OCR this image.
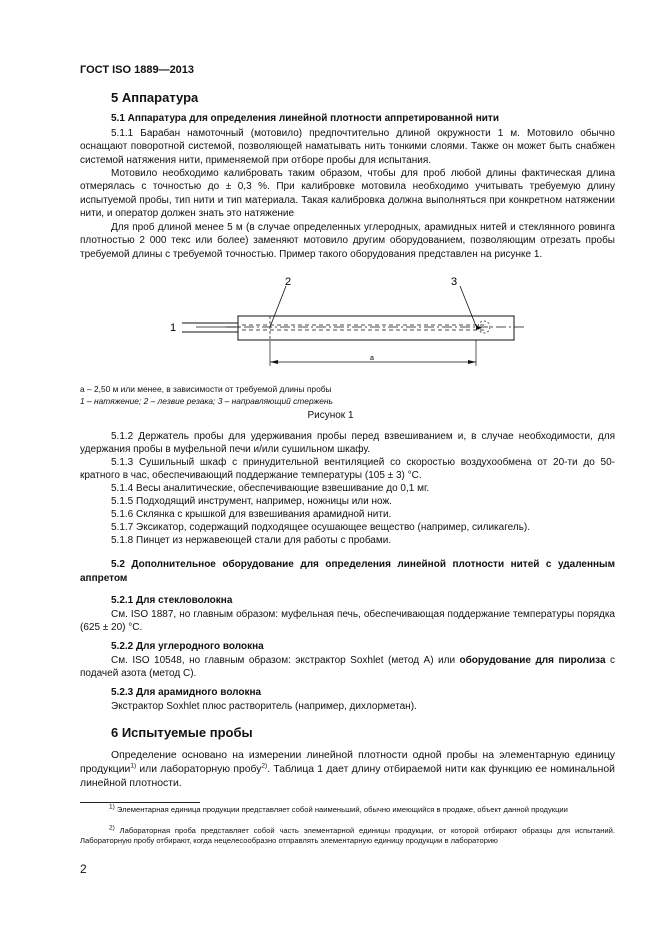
ГОСТ ISO 1889—2013
5 Аппаратура
5.1 Аппаратура для определения линейной плотности аппретированной нити

5.1.1 Барабан намоточный (мотовило) предпочтительно длиной окружности 1 м. Мотовило обычно оснащают поворотной системой, позволяющей наматывать нить тонкими слоями. Также он может быть снабжен системой натяжения нити, применяемой при отборе пробы для испытания.

Мотовило необходимо калибровать таким образом, чтобы для проб любой длины фактическая длина отмерялась с точностью до ± 0,3 %. При калибровке мотовила необходимо учитывать требуемую длину испытуемой пробы, тип нити и тип материала. Такая калибровка должна выполняться при конкретном натяжении нити, и оператор должен знать это натяжение

Для проб длиной менее 5 м (в случае определенных углеродных, арамидных нитей и стеклянного ровинга плотностью 2 000 текс или более) заменяют мотовило другим оборудованием, позволяющим отрезать пробы требуемой длины с требуемой точностью. Пример такого оборудования представлен на рисунке 1.

1
2	3
a
a – 2,50 м или менее, в зависимости от требуемой длины пробы
1 – натяжение; 2 – лезвие резака; 3 – направляющий стержень
Рисунок 1

5.1.2 Держатель пробы для удерживания пробы перед взвешиванием и, в случае необходимости, для удержания пробы в муфельной печи и/или сушильном шкафу.

5.1.3 Сушильный шкаф с принудительной вентиляцией со скоростью воздухообмена от 20-ти до 50-кратного в час, обеспечивающий поддержание температуры (105 ± 3) °С.

5.1.4 Весы аналитические, обеспечивающие взвешивание до 0,1 мг.
5.1.5 Подходящий инструмент, например, ножницы или нож.
5.1.6 Склянка с крышкой для взвешивания арамидной нити.
5.1.7 Эксикатор, содержащий подходящее осушающее вещество (например, силикагель).
5.1.8 Пинцет из нержавеющей стали для работы с пробами.

5.2 Дополнительное оборудование для определения линейной плотности нитей с удаленным аппретом

5.2.1 Для стекловолокна

См. ISO 1887, но главным образом: муфельная печь, обеспечивающая поддержание температуры порядка (625 ± 20) °С.

5.2.2 Для углеродного волокна

См. ISO 10548, но главным образом: экстрактор Soxhlet (метод А) или оборудование для пиролиза с подачей азота (метод С).

5.2.3 Для арамидного волокна
Экстрактор Soxhlet плюс растворитель (например, дихлорметан).
6 Испытуемые пробы

Определение основано на измерении линейной плотности одной пробы на элементарную единицу продукции$^{1)}$ или лабораторную пробу$^{2)}$. Таблица 1 дает длину отбираемой нити как функцию ее номинальной линейной плотности.

$^{1)}$ Элементарная единица продукции представляет собой наименьший, обычно имеющийся в продаже, объект данной продукции

$^{2)}$ Лабораторная проба представляет собой часть элементарной единицы продукции, от которой отбирают образцы для испытаний. Лабораторную пробу отбирают, когда нецелесообразно отправлять элементарную единицу продукции в лабораторию

2
